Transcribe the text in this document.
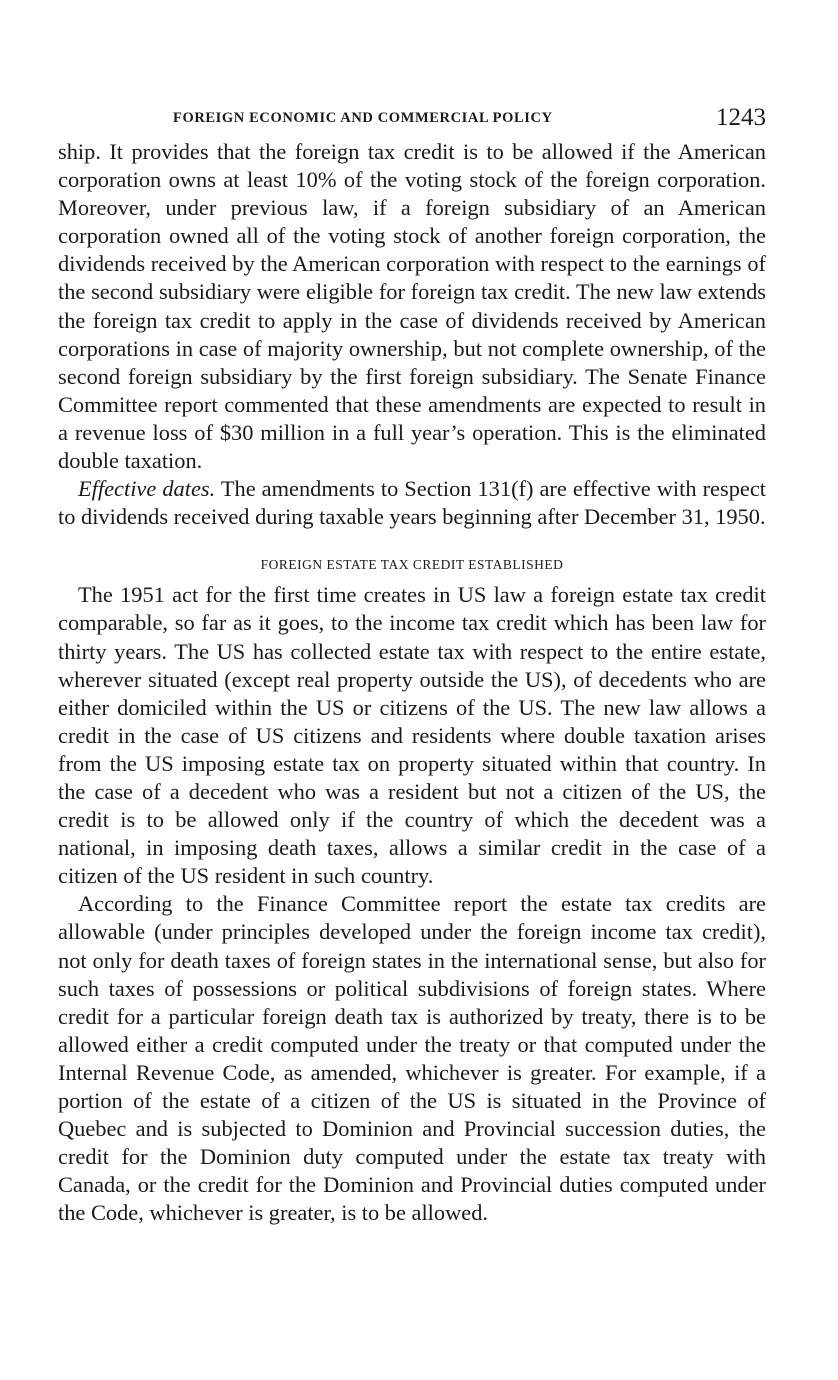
FOREIGN ECONOMIC AND COMMERCIAL POLICY	1243

ship. It provides that the foreign tax credit is to be allowed if the American corporation owns at least 10% of the voting stock of the foreign corporation. Moreover, under previous law, if a foreign subsidiary of an American corporation owned all of the voting stock of another foreign corporation, the dividends received by the American corporation with respect to the earnings of the second subsidiary were eligible for foreign tax credit. The new law extends the foreign tax credit to apply in the case of dividends received by American corporations in case of majority ownership, but not complete ownership, of the second foreign subsidiary by the first foreign subsidiary. The Senate Finance Committee report commented that these amendments are expected to result in a revenue loss of $30 million in a full year’s operation. This is the eliminated double taxation.

Effective dates. The amendments to Section 131(f) are effective with respect to dividends received during taxable years beginning after December 31, 1950.

FOREIGN ESTATE TAX CREDIT ESTABLISHED

The 1951 act for the first time creates in US law a foreign estate tax credit comparable, so far as it goes, to the income tax credit which has been law for thirty years. The US has collected estate tax with respect to the entire estate, wherever situated (except real property outside the US), of decedents who are either domiciled within the US or citizens of the US. The new law allows a credit in the case of US citizens and residents where double taxation arises from the US imposing estate tax on property situated within that country. In the case of a decedent who was a resident but not a citizen of the US, the credit is to be allowed only if the country of which the decedent was a national, in imposing death taxes, allows a similar credit in the case of a citizen of the US resident in such country.

According to the Finance Committee report the estate tax credits are allowable (under principles developed under the foreign income tax credit), not only for death taxes of foreign states in the international sense, but also for such taxes of possessions or political subdivisions of foreign states. Where credit for a particular foreign death tax is authorized by treaty, there is to be allowed either a credit computed under the treaty or that computed under the Internal Revenue Code, as amended, whichever is greater. For example, if a portion of the estate of a citizen of the US is situated in the Province of Quebec and is subjected to Dominion and Provincial succession duties, the credit for the Dominion duty computed under the estate tax treaty with Canada, or the credit for the Dominion and Provincial duties computed under the Code, whichever is greater, is to be allowed.
